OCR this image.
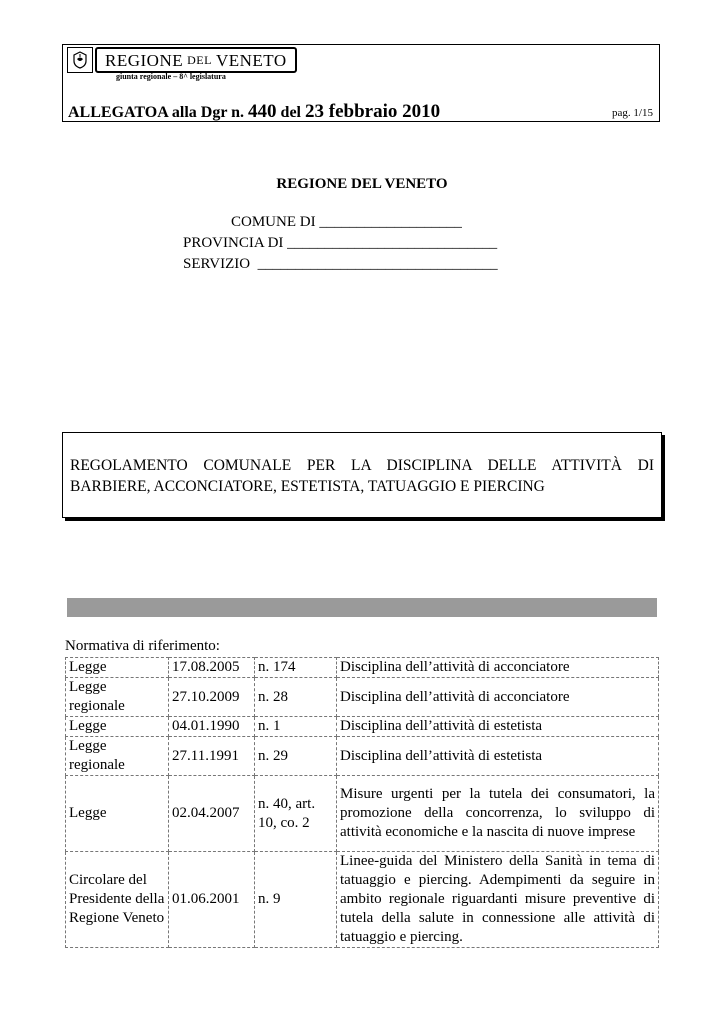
REGIONE DEL VENETO
giunta regionale – 8^ legislatura
ALLEGATOA alla Dgr n. 440 del 23 febbraio 2010	pag. 1/15
REGIONE DEL VENETO
COMUNE DI ___________________
PROVINCIA DI ____________________________
SERVIZIO  ________________________________
REGOLAMENTO COMUNALE PER LA DISCIPLINA DELLE ATTIVITÀ DI BARBIERE, ACCONCIATORE, ESTETISTA, TATUAGGIO E PIERCING
Normativa di riferimento:
Legge	17.08.2005	n. 174	Disciplina dell’attività di acconciatore
Legge regionale	27.10.2009	n. 28	Disciplina dell’attività di acconciatore
Legge	04.01.1990	n. 1	Disciplina dell’attività di estetista
Legge regionale	27.11.1991	n. 29	Disciplina dell’attività di estetista
Legge	02.04.2007	n. 40, art. 10, co. 2	Misure urgenti per la tutela dei consumatori, la promozione della concorrenza, lo sviluppo di attività economiche e la nascita di nuove imprese
Circolare del Presidente della Regione Veneto	01.06.2001	n. 9	Linee-guida del Ministero della Sanità in tema di tatuaggio e piercing. Adempimenti da seguire in ambito regionale riguardanti misure preventive di tutela della salute in connessione alle attività di tatuaggio e piercing.
